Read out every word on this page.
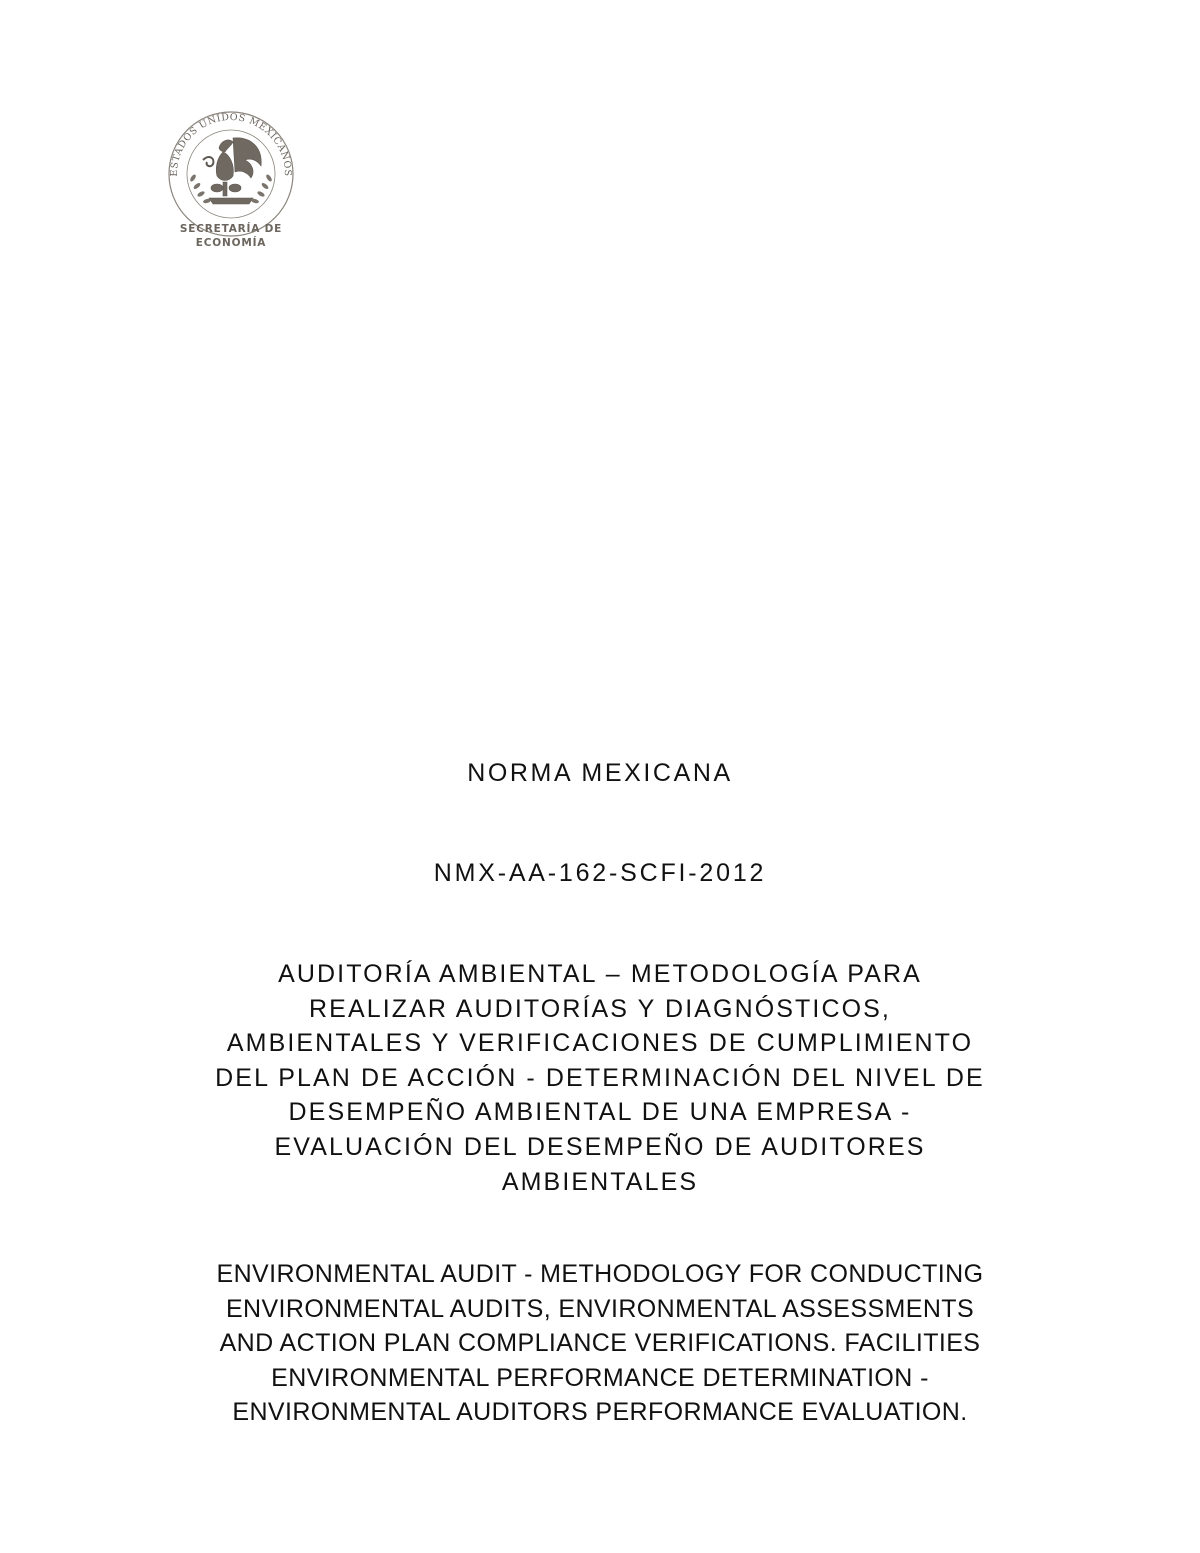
ESTADOS UNIDOS MEXICANOS
SECRETARÍA DE
ECONOMÍA
NORMA MEXICANA
NMX-AA-162-SCFI-2012
AUDITORÍA AMBIENTAL – METODOLOGÍA PARA
REALIZAR AUDITORÍAS Y DIAGNÓSTICOS,
AMBIENTALES Y VERIFICACIONES DE CUMPLIMIENTO
DEL PLAN DE ACCIÓN - DETERMINACIÓN DEL NIVEL DE
DESEMPEÑO AMBIENTAL DE UNA EMPRESA -
EVALUACIÓN DEL DESEMPEÑO DE AUDITORES
AMBIENTALES
ENVIRONMENTAL AUDIT - METHODOLOGY FOR CONDUCTING
ENVIRONMENTAL AUDITS, ENVIRONMENTAL ASSESSMENTS
AND ACTION PLAN COMPLIANCE VERIFICATIONS. FACILITIES
ENVIRONMENTAL PERFORMANCE DETERMINATION -
ENVIRONMENTAL AUDITORS PERFORMANCE EVALUATION.
